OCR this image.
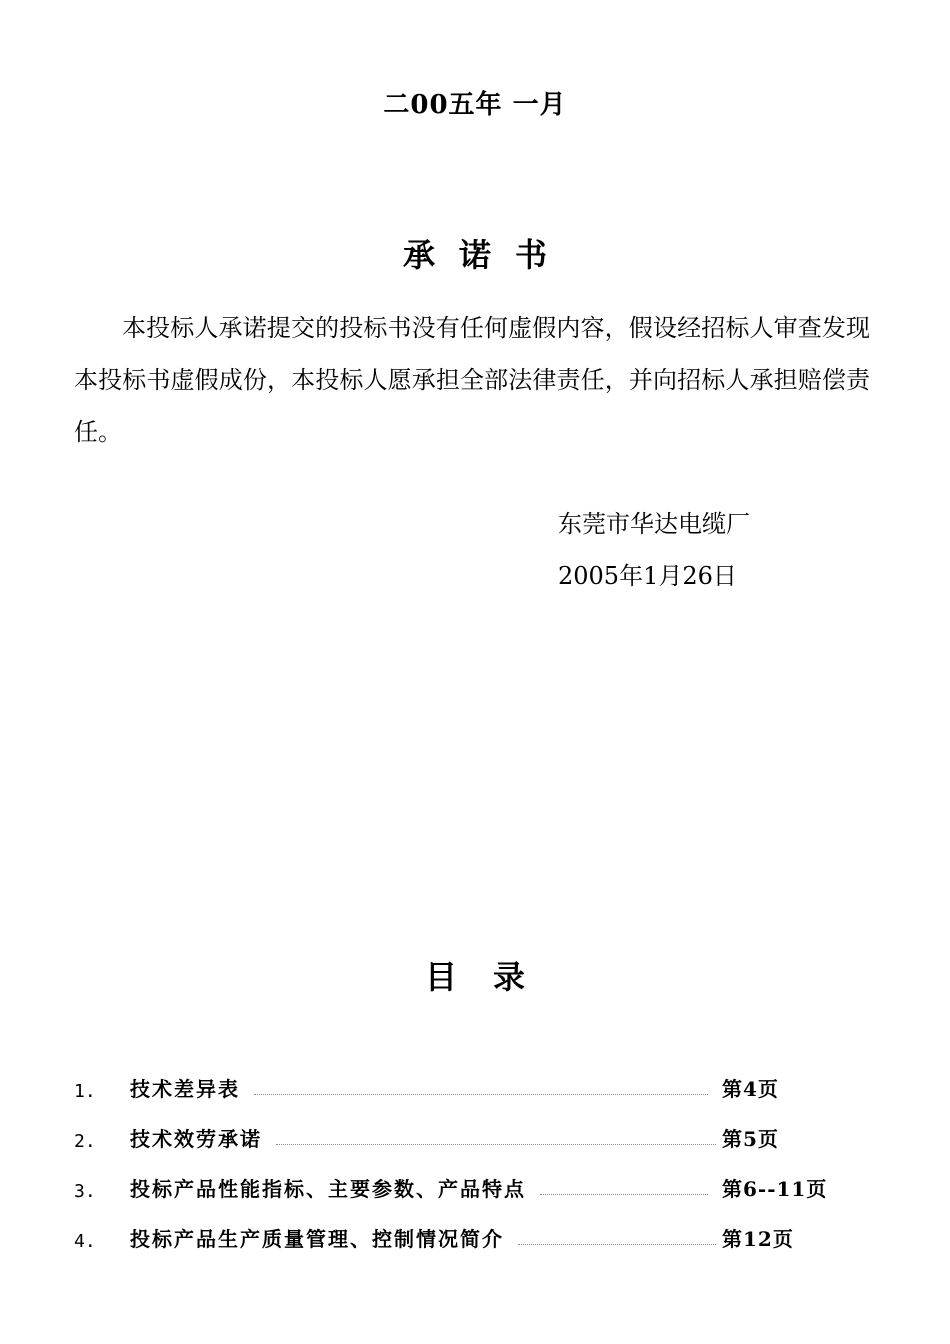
二00五年 一月
承诺书
本投标人承诺提交的投标书没有任何虚假内容，假设经招标人审查发现本投标书虚假成份，本投标人愿承担全部法律责任，并向招标人承担赔偿责任。
东莞市华达电缆厂
2005年1月26日
目录
1.	技术差异表	第4页
2.	技术效劳承诺	第5页
3.	投标产品性能指标、主要参数、产品特点	第6--11页
4.	投标产品生产质量管理、控制情况简介	第12页
